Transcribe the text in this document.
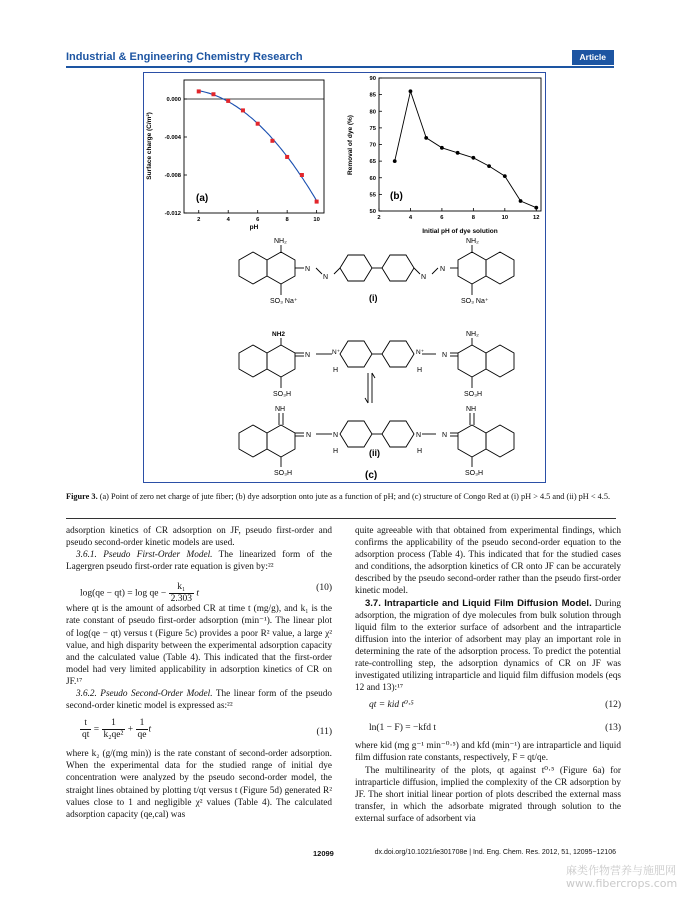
Industrial & Engineering Chemistry Research	Article
(a)
pH
Surface charge (C/m²)
2	4	6	8	10
0.000
-0.004
-0.008
-0.012
(b)
Initial pH of dye solution
Removal of dye (%)
2	4	6	8	10	12
50
55
60
65
70
75
80
85
90
NH₂	NH₂
SO₃ Na⁺	SO₃ Na⁺
N
N	N
N
(i)
NH2	NH₂
SO₃H	SO₃H
N	N⁺
H
N⁺
H
N
NH	NH
SO₃H	SO₃H
N	N
H
N
H
N
(ii)
(c)
Figure 3. (a) Point of zero net charge of jute fiber; (b) dye adsorption onto jute as a function of pH; and (c) structure of Congo Red at (i) pH > 4.5 and (ii) pH < 4.5.

adsorption kinetics of CR adsorption on JF, pseudo first-order and pseudo second-order kinetic models are used.

3.6.1. Pseudo First-Order Model. The linearized form of the Lagergren pseudo first-order rate equation is given by:²²

log(qe − qt) = log qe − $\frac{\text{k₁}}{2.303}$ t
(10)

where qt is the amount of adsorbed CR at time t (mg/g), and k₁ is the rate constant of pseudo first-order adsorption (min⁻¹). The linear plot of log(qe − qt) versus t (Figure 5c) provides a poor R² value, a large χ² value, and high disparity between the experimental adsorption capacity and the calculated value (Table 4). This indicated that the first-order model had very limited applicability in adsorption kinetics of CR on JF.¹⁷

3.6.2. Pseudo Second-Order Model. The linear form of the pseudo second-order kinetic model is expressed as:²²

$\frac{t}{qt} = \frac{1}{\text{k₂qe²}} + \frac{1}{qe}$ t	(11)

where k₂ (g/(mg min)) is the rate constant of second-order adsorption. When the experimental data for the studied range of initial dye concentration were analyzed by the pseudo second-order model, the straight lines obtained by plotting t/qt versus t (Figure 5d) generated R² values close to 1 and negligible χ² values (Table 4). The calculated adsorption capacity (qe,cal) was

quite agreeable with that obtained from experimental findings, which confirms the applicability of the pseudo second-order equation to the adsorption process (Table 4). This indicated that for the studied cases and conditions, the adsorption kinetics of CR onto JF can be accurately described by the pseudo second-order rather than the pseudo first-order kinetic model.

3.7. Intraparticle and Liquid Film Diffusion Model. During adsorption, the migration of dye molecules from bulk solution through liquid film to the exterior surface of adsorbent and the intraparticle diffusion into the interior of adsorbent may play an important role in determining the rate of the adsorption process. To predict the potential rate-controlling step, the adsorption dynamics of CR on JF was investigated utilizing intraparticle and liquid film diffusion models (eqs 12 and 13):¹⁷

qt = kid t⁰·⁵	(12)
ln(1 − F) = −kfd t	(13)

where kid (mg g⁻¹ min⁻⁰·⁵) and kfd (min⁻¹) are intraparticle and liquid film diffusion rate constants, respectively, F = qt/qe.

The multilinearity of the plots, qt against t⁰·⁵ (Figure 6a) for intraparticle diffusion, implied the complexity of the CR adsorption by JF. The short initial linear portion of plots described the external mass transfer, in which the adsorbate migrated through solution to the external surface of adsorbent via

12099	dx.doi.org/10.1021/ie301708e | Ind. Eng. Chem. Res. 2012, 51, 12095−12106
麻类作物营养与施肥网
www.fibercrops.com
